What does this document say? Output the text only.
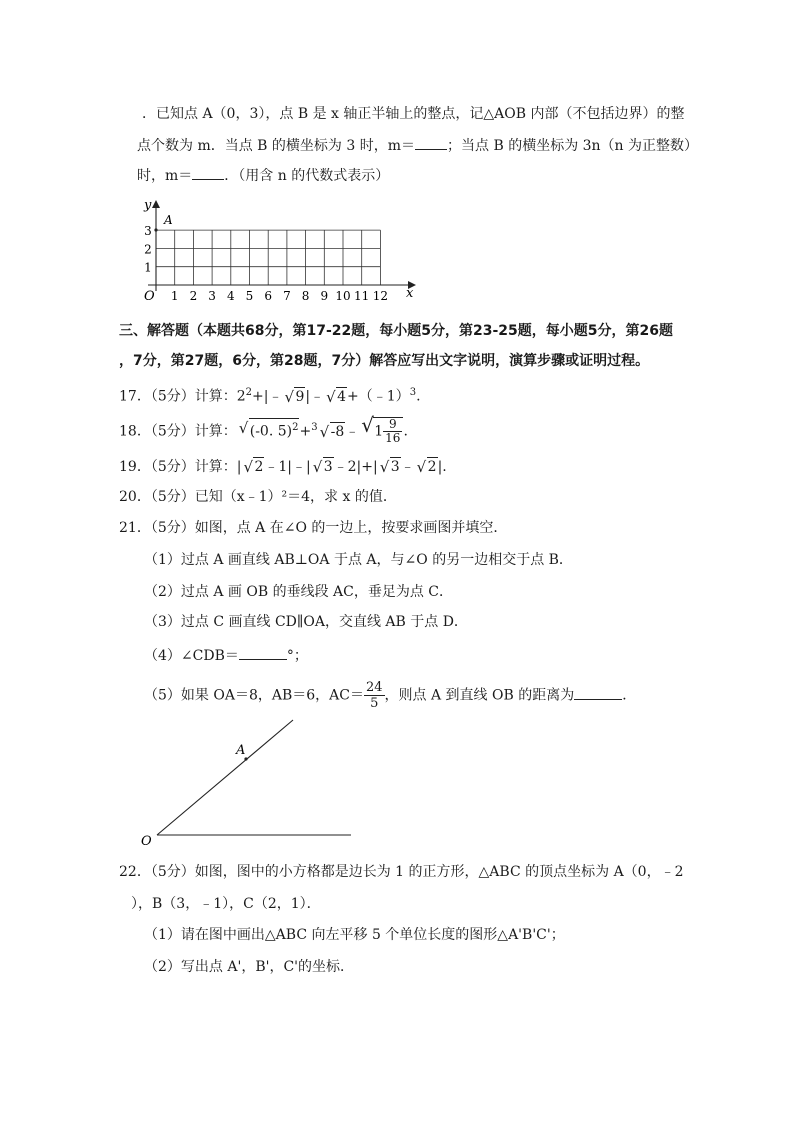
．已知点 A（0，3），点 B 是 x 轴正半轴上的整点，记△AOB 内部（不包括边界）的整
点个数为 m．当点 B 的横坐标为 3 时，m＝ ；当点 B 的横坐标为 3n（n 为正整数）
时，m＝ ．（用含 n 的代数式表示）
y
x
O
A
1
2
3
1 2 3 4 5 6 7 8 9 10 11 12
三、解答题（本题共68分，第17-22题，每小题5分，第23-25题，每小题5分，第26题
，7分，第27题，6分，第28题，7分）解答应写出文字说明，演算步骤或证明过程。
17．（5分）计算：$2^2+|﹣$ √ 9|﹣ √ 4+（﹣1）$^3$.
18．（5分）计算： √ (-0. 5)$^2$+$^3$ √ -8﹣ √ $1 \frac{9}{16}$ .
19．（5分）计算：| √ 2﹣1|﹣| √ 3﹣2|+| √ 3﹣ √ 2|.
20．（5分）已知（x﹣1）²＝4，求 x 的值．
21．（5分）如图，点 A 在∠O 的一边上，按要求画图并填空．
（1）过点 A 画直线 AB⊥OA 于点 A，与∠O 的另一边相交于点 B．
（2）过点 A 画 OB 的垂线段 AC，垂足为点 C．
（3）过点 C 画直线 CD∥OA，交直线 AB 于点 D．
（4）∠CDB＝	°；
（5）如果 OA＝8，AB＝6，$AC= \frac{24}{5}$ ，则点 A 到直线 OB 的距离为	．
A
O
22．（5分）如图，图中的小方格都是边长为 1 的正方形，△ABC 的顶点坐标为 A（0，﹣2
），B（3，﹣1），C（2，1）．
（1）请在图中画出△ABC 向左平移 5 个单位长度的图形△A'B'C'；
（2）写出点 A'，B'，C'的坐标．
